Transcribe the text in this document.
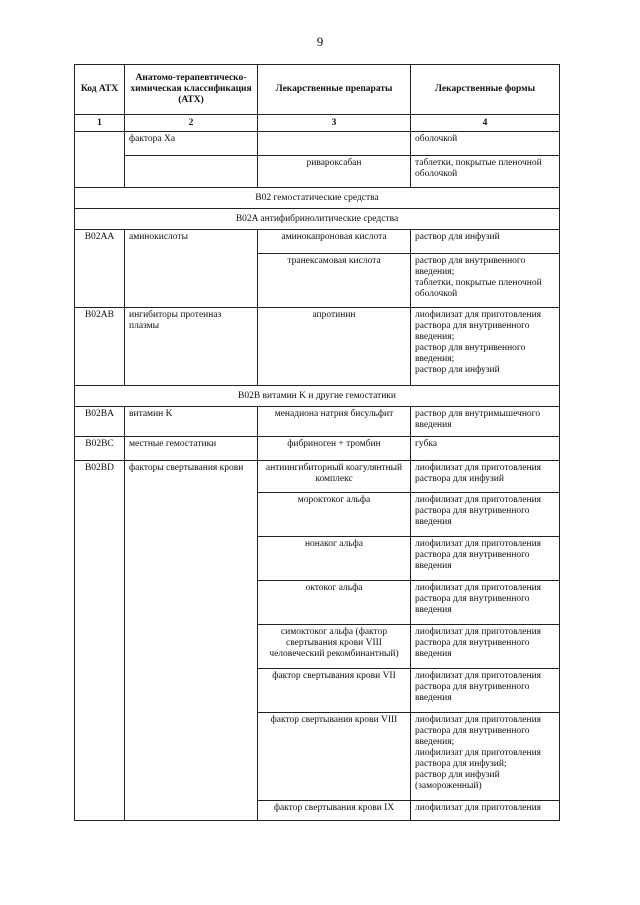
9
Код АТХ	Анатомо-терапевтическо-химическая классификация (АТХ)	Лекарственные препараты	Лекарственные формы
1	2	3	4
	фактора Ха		оболочкой
		ривароксабан	таблетки, покрытые пленочной оболочкой
B02 гемостатические средства			
B02A антифибринолитические средства			
B02AA	аминокислоты	аминокапроновая кислота	раствор для инфузий
		транексамовая кислота	раствор для внутривенного введения;
таблетки, покрытые пленочной оболочкой
B02AB	ингибиторы протеиназ плазмы	апротинин	лиофилизат для приготовления раствора для внутривенного введения;
раствор для внутривенного введения;
раствор для инфузий
B02B витамин K и другие гемостатики			
B02BA	витамин K	менадиона натрия бисульфит	раствор для внутримышечного введения
B02BC	местные гемостатики	фибриноген + тромбин	губка
B02BD	факторы свертывания крови	антиингибиторный коагулянтный комплекс	лиофилизат для приготовления раствора для инфузий
		мороктоког альфа	лиофилизат для приготовления раствора для внутривенного введения
		нонаког альфа	лиофилизат для приготовления раствора для внутривенного введения
		октоког альфа	лиофилизат для приготовления раствора для внутривенного введения
		симоктоког альфа (фактор свертывания крови VIII человеческий рекомбинантный)	лиофилизат для приготовления раствора для внутривенного введения
		фактор свертывания крови VII	лиофилизат для приготовления раствора для внутривенного введения
		фактор свертывания крови VIII	лиофилизат для приготовления раствора для внутривенного введения;
лиофилизат для приготовления раствора для инфузий;
раствор для инфузий (замороженный)
		фактор свертывания крови IX	лиофилизат для приготовления
